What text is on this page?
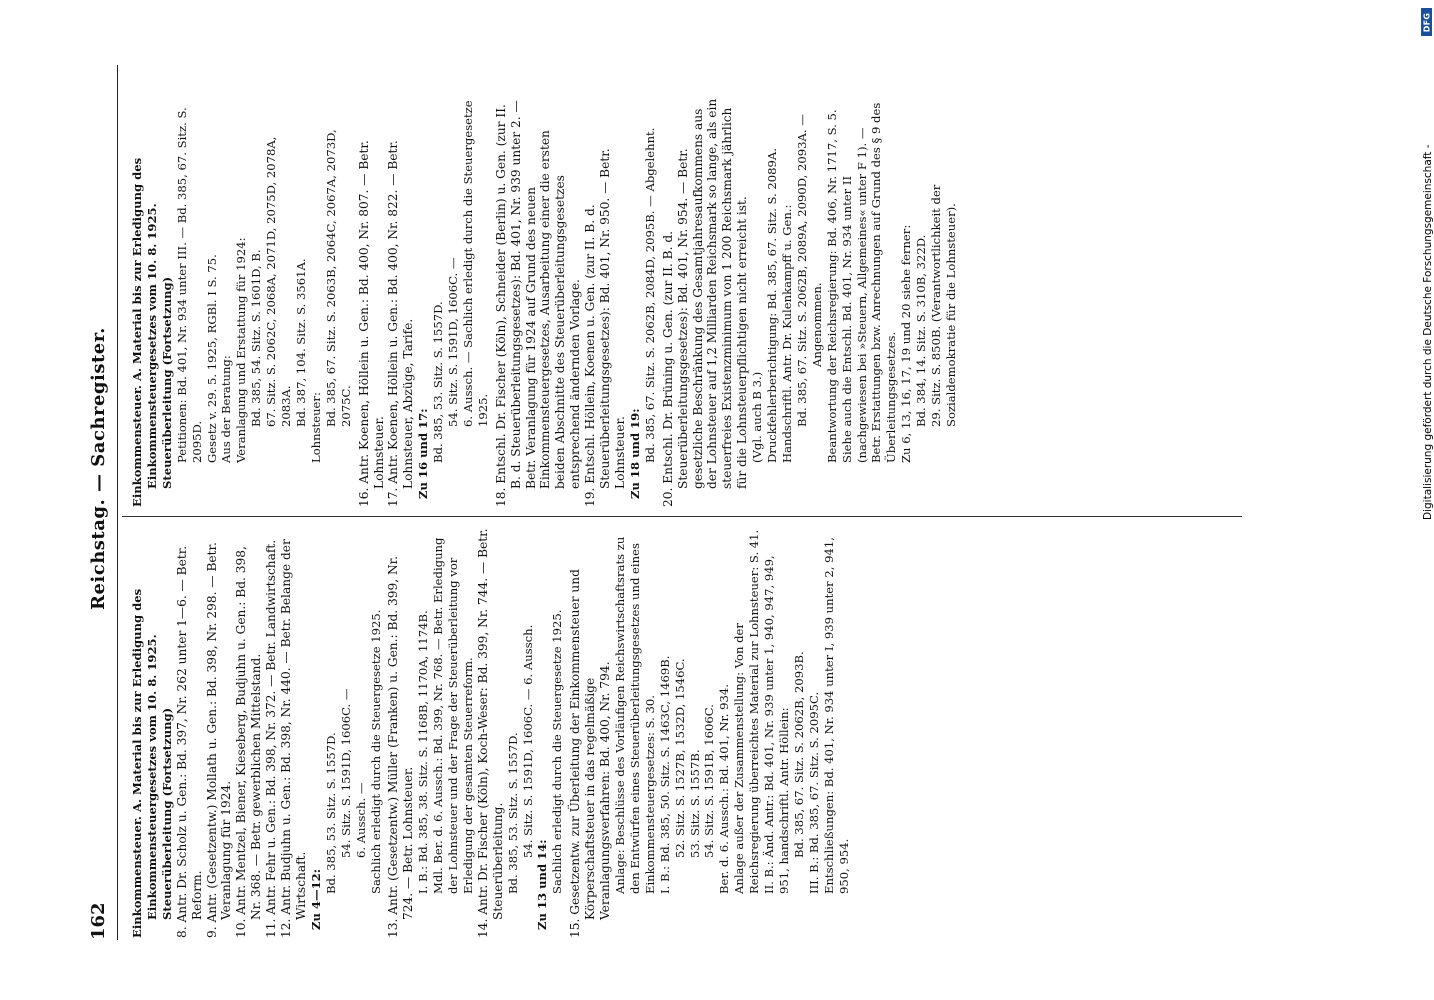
162
Reichstag. — Sachregister.

Einkommensteuer. A. Material bis zur Erledigung des Einkommensteuergesetzes vom 10. 8. 1925. Steuerüberleitung (Fortsetzung) 8. Antr. Dr. Scholz u. Gen.: Bd. 397, Nr. 262 unter 1—6. — Betr. Reform. 9. Antr. (Gesetzentw.) Mollath u. Gen.: Bd. 398, Nr. 298. — Betr. Veranlagung für 1924. 10. Antr. Mentzel, Biener, Kieseberg, Budjuhn u. Gen.: Bd. 398, Nr. 368. — Betr. gewerblichen Mittelstand. 11. Antr. Fehr u. Gen.: Bd. 398, Nr. 372. — Betr. Landwirtschaft. 12. Antr. Budjuhn u. Gen.: Bd. 398, Nr. 440. — Betr. Belange der Wirtschaft. Zu 4—12:

Bd. 385, 53. Sitz. S. 1557D. 54. Sitz. S. 1591D, 1606C. — 6. Aussch. — Sachlich erledigt durch die Steuergesetze 1925. 13. Antr. (Gesetzentw.) Müller (Franken) u. Gen.: Bd. 399, Nr. 724. — Betr. Lohnsteuer. I. B.: Bd. 385, 38. Sitz. S. 1168B, 1170A, 1174B. Mdl. Ber. d. 6. Aussch.: Bd. 399, Nr. 768. — Betr. Erledigung der Lohnsteuer und der Frage der Steuerüberleitung vor Erledigung der gesamten Steuerreform. 14. Antr. Dr. Fischer (Köln), Koch-Weser: Bd. 399, Nr. 744. — Betr. Steuerüberleitung. Bd. 385, 53. Sitz. S. 1557D. 54. Sitz. S. 1591D, 1606C. — 6. Aussch.

Zu 13 und 14: Sachlich erledigt durch die Steuergesetze 1925. 15. Gesetzentw. zur Überleitung der Einkommensteuer und Körperschaftsteuer in das regelmäßige Veranlagungsverfahren: Bd. 400, Nr. 794. Anlage: Beschlüsse des Vorläufigen Reichswirtschaftsrats zu den Entwürfen eines Steuerüberleitungsgesetzes und eines Einkommensteuergesetzes: S. 30. I. B.: Bd. 385, 50. Sitz. S. 1463C, 1469B. 52. Sitz. S. 1527B, 1532D, 1546C. 53. Sitz. S. 1557B. 54. Sitz. S. 1591B, 1606C. Ber. d. 6. Aussch.: Bd. 401, Nr. 934. Anlage außer der Zusammenstellung: Von der Reichsregierung überreichtes Material zur Lohnsteuer: S. 41. II. B.: Änd. Antr.: Bd. 401, Nr. 939 unter 1, 940, 947, 949, 951, handschriftl. Antr. Höllein: Bd. 385, 67. Sitz. S. 2062B, 2093B. III. B.: Bd. 385, 67. Sitz. S. 2095C. Entschließungen: Bd. 401, Nr. 934 unter I, 939 unter 2, 941, 950, 954.

Einkommensteuer. A. Material bis zur Erledigung des Einkommensteuergesetzes vom 10. 8. 1925. Steuerüberleitung (Fortsetzung) Petitionen: Bd. 401, Nr. 934 unter III. — Bd. 385, 67. Sitz. S. 2095D. Gesetz v. 29. 5. 1925, RGBl. I S. 75. Aus der Beratung: Veranlagung und Erstattung für 1924: Bd. 385, 54. Sitz. S. 1601D, B. 67. Sitz. S. 2062C, 2068A, 2071D, 2075D, 2078A, 2083A. Bd. 387, 104. Sitz. S. 3561A.

Lohnsteuer:

Bd. 385, 67. Sitz. S. 2063B, 2064C, 2067A, 2073D, 2075C. 16. Antr. Koenen, Höllein u. Gen.: Bd. 400, Nr. 807. — Betr. Lohnsteuer. 17. Antr. Koenen, Höllein u. Gen.: Bd. 400, Nr. 822. — Betr. Lohnsteuer, Abzüge, Tarife. Zu 16 und 17: Bd. 385, 53. Sitz. S. 1557D. 54. Sitz. S. 1591D, 1606C. — 6. Aussch. — Sachlich erledigt durch die Steuergesetze 1925. 18. Entschl. Dr. Fischer (Köln), Schneider (Berlin) u. Gen. (zur II. B. d. Steuerüberleitungsgesetzes): Bd. 401, Nr. 939 unter 2. — Betr. Veranlagung für 1924 auf Grund des neuen Einkommensteuergesetzes, Ausarbeitung einer die ersten beiden Abschnitte des Steuerüberleitungsgesetzes entsprechend ändernden Vorlage. 19. Entschl. Höllein, Koenen u. Gen. (zur II. B. d. Steuerüberleitungsgesetzes): Bd. 401, Nr. 950. — Betr. Lohnsteuer. Zu 18 und 19: Bd. 385, 67. Sitz. S. 2062B, 2084D, 2095B. — Abgelehnt. 20. Entschl. Dr. Brüning u. Gen. (zur II. B. d. Steuerüberleitungsgesetzes): Bd. 401, Nr. 954. — Betr. gesetzliche Beschränkung des Gesamtjahresaufkommens aus der Lohnsteuer auf 1,2 Milliarden Reichsmark so lange, als ein steuerfreies Existenzminimum von 1 200 Reichsmark jährlich für die Lohnsteuerpflichtigen nicht erreicht ist. (Vgl. auch B 3.) Druckfehlerberichtigung: Bd. 385, 67. Sitz. S. 2089A. Handschriftl. Antr. Dr. Kulenkampff u. Gen.: Bd. 385, 67. Sitz. S. 2062B, 2089A, 2090D, 2093A. — Angenommen. Beantwortung der Reichsregierung: Bd. 406, Nr. 1717, S. 5. Siehe auch die Entschl. Bd. 401, Nr. 934 unter II (nachgewiesen bei »Steuern, Allgemeines« unter F 1). — Betr. Erstattungen bzw. Anrechnungen auf Grund des § 9 des Überleitungsgesetzes. Zu 6, 13, 16, 17, 19 und 20 siehe ferner: Bd. 384, 14. Sitz. S. 310B, 322D. 29. Sitz. S. 850B. (Verantwortlichkeit der Sozialdemokratie für die Lohnsteuer).	Digitalisierung gefördert durch die Deutsche Forschungsgemeinschaft -
DFG
